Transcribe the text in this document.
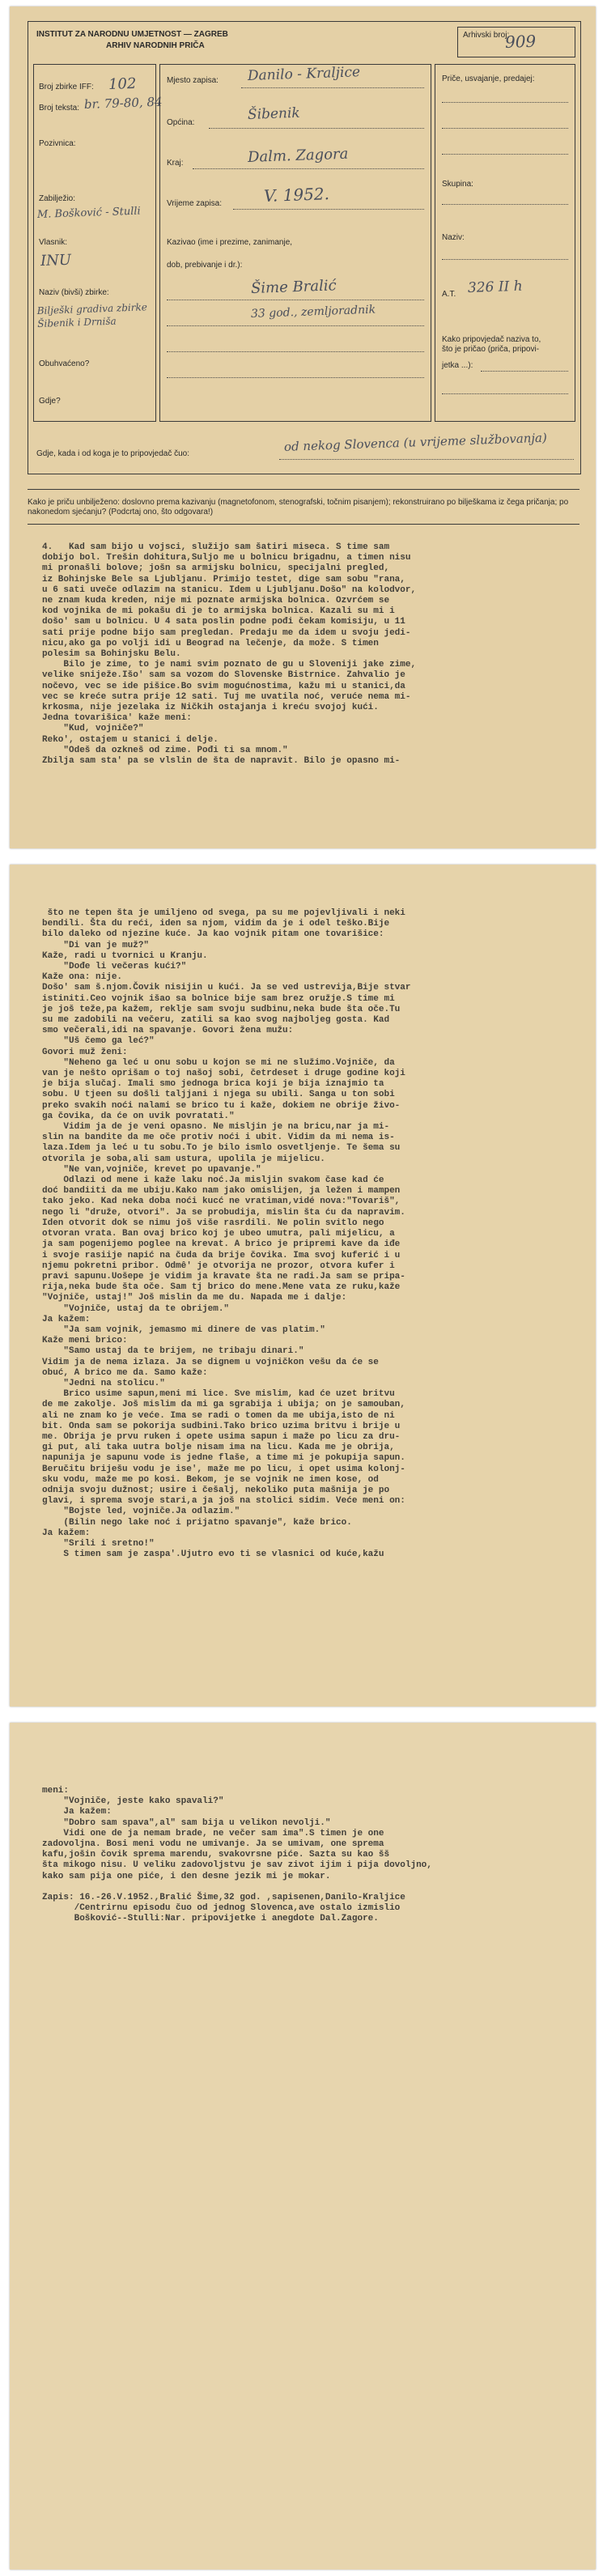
INSTITUT ZA NARODNU UMJETNOST — ZAGREB
ARHIV NARODNIH PRIČA
Arhivski broj:
909
Broj zbirke IFF: 102
Broj teksta: br. 79-80, 84
Pozivnica:
Zabilježio:
M. Bošković - Stulli
Vlasnik:
INU
Naziv (bivši) zbirke:
Bilješki gradiva zbirke Šibenik i Drniša
Obuhvaćeno?
Gdje?
Mjesto zapisa: Danilo - Kraljice
Općina:	Šibenik
Kraj:	Dalm. Zagora
Vrijeme zapisa:	V. 1952.
Kazivao (ime i prezime, zanimanje,
dob, prebivanje i dr.):
Šime Bralić
33 god., zemljoradnik
Priče, usvajanje, predajej:
Skupina:
Naziv:
A.T. 326 II h
Kako pripovjedač naziva to,
što je pričao (priča, pripovi-
jetka ...):
Gdje, kada i od koga je to pripovjedač čuo:	od nekog Slovenca (u vrijeme službovanja)
Kako je priču unbilježeno: doslovno prema kazivanju (magnetofonom, stenografski, točnim pisanjem); rekonstruirano po bilješkama iz čega pričanja; po nakonedom sjećanju? (Podcrtaj ono, što odgovara!)
4.   Kad sam bijo u vojsci, služijo sam šatiri miseca. S time sam
dobijo bol. Trešin dohitura,Suljo me u bolnicu brigadnu, a timen nisu
mi pronašli bolove; jošn sa armijsku bolnicu, specijalni pregled,
iz Bohinjske Bele sa Ljubljanu. Primijo testet, dige sam sobu "rana,
u 6 sati uveče odlazim na stanicu. Idem u Ljubljanu.Došo" na kolodvor,
ne znam kuda kreden, nije mi poznate armijska bolnica. Ozvrćem se
kod vojnika de mi pokašu di je to armijska bolnica. Kazali su mi i
došo' sam u bolnicu. U 4 sata poslin podne pođi čekam komisiju, u 11
sati prije podne bijo sam pregledan. Predaju me da idem u svoju jedi-
nicu,ako ga po volji idi u Beograd na lečenje, da može. S timen
polesim sa Bohinjsku Belu.
Bilo je zime, to je nami svim poznato de gu u Sloveniji jake zime,
velike sniježe.Išo' sam sa vozom do Slovenske Bistrnice. Zahvalio je
nočevo, vec se ide pišice.Bo svim mogućnostima, kažu mi u stanici,da
vec se kreće sutra prije 12 sati. Tuj me uvatila noć, veruće nema mi-
krkosma, nije jezelaka iz Ničkih ostajanja i kreću svojoj kući.
Jedna tovarišica' kaže meni:
"Kud, vojniče?"
Reko', ostajem u stanici i delje.
"Odeš da ozkneš od zime. Pođi ti sa mnom."
Zbilja sam sta' pa se vlslin de šta de napravit. Bilo je opasno mi-
što ne tepen šta je umiljeno od svega, pa su me pojevljivali i neki
bendili. Šta du reći, iden sa njom, vidim da je i odel teško.Bije
bilo daleko od njezine kuće. Ja kao vojnik pitam one tovarišice:
"Di van je muž?"
Kaže, radi u tvornici u Kranju.
"Dođe li večeras kući?"
Kaže ona: nije.
Došo' sam š.njom.Čovik nisijin u kući. Ja se ved ustrevija,Bije stvar
istiniti.Ceo vojnik išao sa bolnice bije sam brez oružje.S time mi
je još teže,pa kažem, reklje sam svoju sudbinu,neka bude šta oče.Tu
su me zadobili na večeru, zatili sa kao svog najboljeg gosta. Kad
smo večerali,idi na spavanje. Govori žena mužu:
"Uš čemo ga leć?"
Govori muž ženi:
"Neheno ga leć u onu sobu u kojon se mi ne služimo.Vojniče, da
van je nešto oprišam o toj našoj sobi, četrdeset i druge godine koji
je bija slučaj. Imali smo jednoga brica koji je bija iznajmio ta
sobu. U tjeen su došli taljjani i njega su ubili. Sanga u ton sobi
preko svakih noći nalami se brico tu i kaže, dokiem ne obrije živo-
ga čovika, da će on uvik povratati."
Vidim ja de je veni opasno. Ne misljin je na bricu,nar ja mi-
slin na bandite da me oče protiv noći i ubit. Vidim da mi nema is-
laza.Idem ja leć u tu sobu.To je bilo ismlo osvetljenje. Te šema su
otvorila je soba,ali sam ustura, upolila je mijelicu.
"Ne van,vojniče, krevet po upavanje."
Odlazi od mene i kaže laku noć.Ja misljin svakom čase kad će
doć bandiiti da me ubiju.Kako nam jako omislijen, ja ležen i mampen
tako jeko. Kad neka doba noći kucć ne vratiman,vidé nova:"Tovariš",
nego li "druže, otvori". Ja se probudija, mislin šta ću da napravim.
Iden otvorit dok se nimu još više rasrdili. Ne polin svitlo nego
otvoran vrata. Ban ovaj brico koj je ubeo umutra, pali mijelicu, a
ja sam pogenijemo poglee na krevat. A brico je pripremi kave da iđe
i svoje rasiije napić na čuda da brije čovika. Ima svoj kuferić i u
njemu pokretni pribor. Odmê' je otvorija ne prozor, otvora kufer i
pravi sapunu.Uošepe je vidim ja kravate šta ne radi.Ja sam se pripa-
rija,neka bude šta oče. Sam tj brico do mene.Mene vata ze ruku,kaže
"Vojniče, ustaj!" Još mislin da me du. Napada me i dalje:
"Vojniče, ustaj da te obrijem."
Ja kažem:
"Ja sam vojnik, jemasmo mi dinere de vas platim."
Kaže meni brico:
"Samo ustaj da te brijem, ne tribaju dinari."
Vidim ja de nema izlaza. Ja se dignem u vojničkon vešu da će se
obuć, A brico me da. Samo kaže:
"Jedni na stolicu."
Brico usime sapun,meni mi lice. Sve mislim, kad će uzet britvu
de me zakolje. Još mislim da mi ga sgrabija i ubija; on je samouban,
ali ne znam ko je veće. Ima se radi o tomen da me ubija,isto de ni
bit. Onda sam se pokorija sudbini.Tako brico uzima britvu i brije u
me. Obrija je prvu ruken i opete usima sapun i maže po licu za dru-
gi put, ali taka uutra bolje nisam ima na licu. Kada me je obrija,
napunija je sapunu vode is jedne flaše, a time mi je pokupija sapun.
Beručitu briješu vodu je ise', maže me po licu, i opet usima kolonj-
sku vodu, maže me po kosi. Bekom, je se vojnik ne imen kose, od
odnija svoju dužnost; usire i češalj, nekoliko puta mašnija je po
glavi, i sprema svoje stari,a ja još na stolici sidim. Veće meni on:
"Bojste led, vojniče.Ja odlazim."
(Bilin nego lake noć i prijatno spavanje", kaže brico.
Ja kažem:
"Srili i sretno!"
S timen sam je zaspa'.Ujutro evo ti se vlasnici od kuće,kažu
meni:
"Vojniče, jeste kako spavali?"
Ja kažem:
"Dobro sam spava",al" sam bija u velikon nevolji."
Vidi one de ja nemam brade, ne večer sam ima".S timen je one
zadovoljna. Bosi meni vodu ne umivanje. Ja se umivam, one sprema
kafu,jošin čovik sprema marendu, svakovrsne piće. Sazta su kao šš
šta mikogo nisu. U veliku zadovoljstvu je sav zivot ijim i pija dovoljno,
kako sam pija one piće, i den desne jezik mi je mokar.

Zapis: 16.-26.V.1952.,Bralić Šime,32 god. ,sapisenen,Danilo-Kraljice
/Centrirnu episodu čuo od jednog Slovenca,ave ostalo izmislio
Bošković--Stulli:Nar. pripovijetke i anegdote Dal.Zagore.
